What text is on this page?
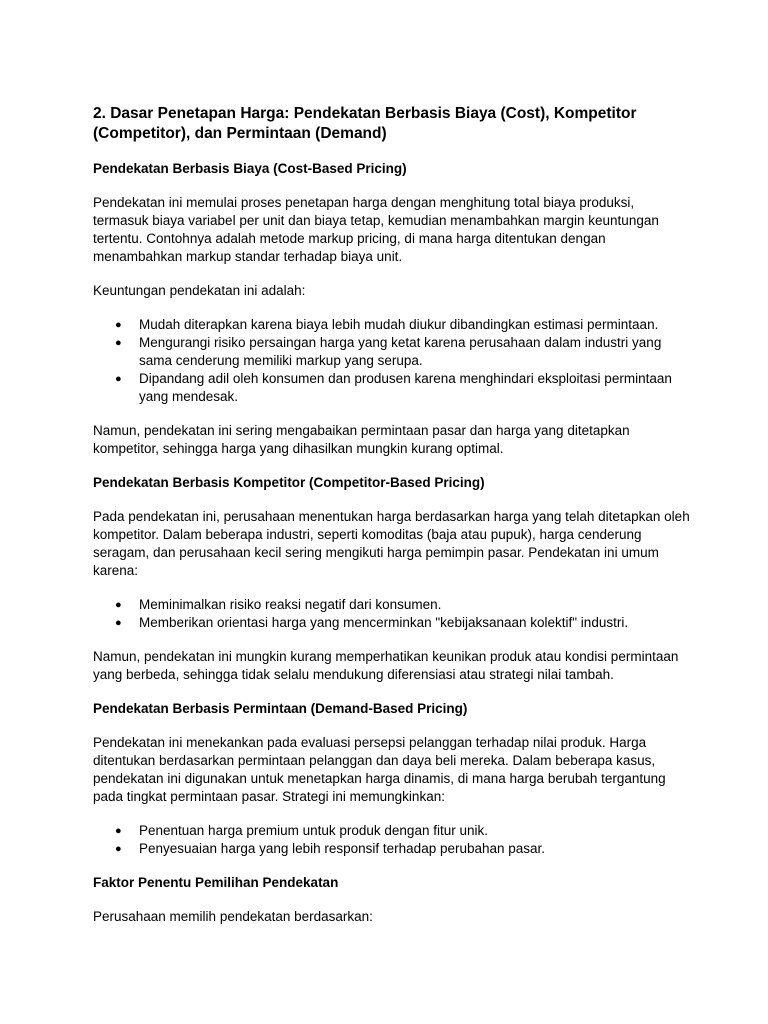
2. Dasar Penetapan Harga: Pendekatan Berbasis Biaya (Cost), Kompetitor (Competitor), dan Permintaan (Demand)
Pendekatan Berbasis Biaya (Cost-Based Pricing)

Pendekatan ini memulai proses penetapan harga dengan menghitung total biaya produksi, termasuk biaya variabel per unit dan biaya tetap, kemudian menambahkan margin keuntungan tertentu. Contohnya adalah metode markup pricing, di mana harga ditentukan dengan menambahkan markup standar terhadap biaya unit.

Keuntungan pendekatan ini adalah:

● Mudah diterapkan karena biaya lebih mudah diukur dibandingkan estimasi permintaan.
● Mengurangi risiko persaingan harga yang ketat karena perusahaan dalam industri yang sama cenderung memiliki markup yang serupa.
● Dipandang adil oleh konsumen dan produsen karena menghindari eksploitasi permintaan yang mendesak.

Namun, pendekatan ini sering mengabaikan permintaan pasar dan harga yang ditetapkan kompetitor, sehingga harga yang dihasilkan mungkin kurang optimal.

Pendekatan Berbasis Kompetitor (Competitor-Based Pricing)

Pada pendekatan ini, perusahaan menentukan harga berdasarkan harga yang telah ditetapkan oleh kompetitor. Dalam beberapa industri, seperti komoditas (baja atau pupuk), harga cenderung seragam, dan perusahaan kecil sering mengikuti harga pemimpin pasar. Pendekatan ini umum karena:

● Meminimalkan risiko reaksi negatif dari konsumen.
● Memberikan orientasi harga yang mencerminkan "kebijaksanaan kolektif" industri.

Namun, pendekatan ini mungkin kurang memperhatikan keunikan produk atau kondisi permintaan yang berbeda, sehingga tidak selalu mendukung diferensiasi atau strategi nilai tambah.

Pendekatan Berbasis Permintaan (Demand-Based Pricing)

Pendekatan ini menekankan pada evaluasi persepsi pelanggan terhadap nilai produk. Harga ditentukan berdasarkan permintaan pelanggan dan daya beli mereka. Dalam beberapa kasus, pendekatan ini digunakan untuk menetapkan harga dinamis, di mana harga berubah tergantung pada tingkat permintaan pasar. Strategi ini memungkinkan:

● Penentuan harga premium untuk produk dengan fitur unik.
● Penyesuaian harga yang lebih responsif terhadap perubahan pasar.
Faktor Penentu Pemilihan Pendekatan

Perusahaan memilih pendekatan berdasarkan:
